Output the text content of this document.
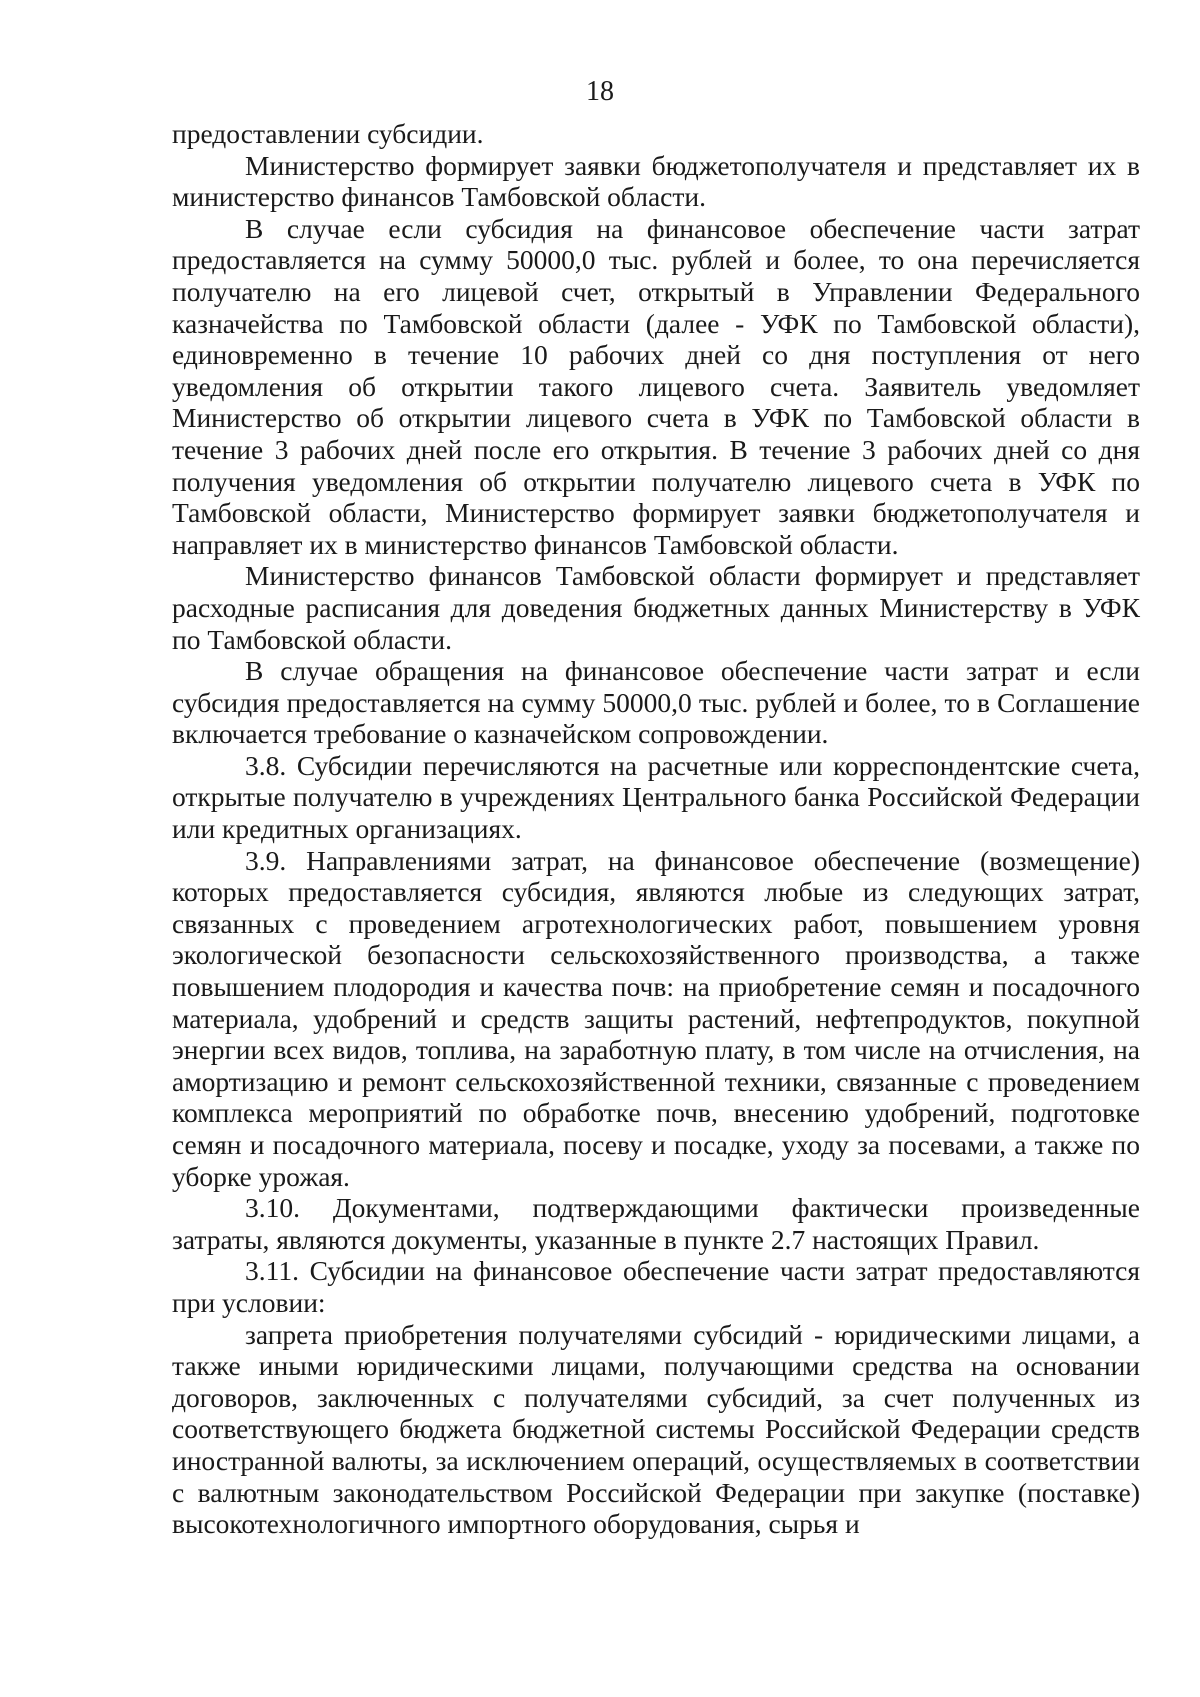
18

предоставлении субсидии.

Министерство формирует заявки бюджетополучателя и представляет их в министерство финансов Тамбовской области.

В случае если субсидия на финансовое обеспечение части затрат предоставляется на сумму 50000,0 тыс. рублей и более, то она перечисляется получателю на его лицевой счет, открытый в Управлении Федерального казначейства по Тамбовской области (далее - УФК по Тамбовской области), единовременно в течение 10 рабочих дней со дня поступления от него уведомления об открытии такого лицевого счета. Заявитель уведомляет Министерство об открытии лицевого счета в УФК по Тамбовской области в течение 3 рабочих дней после его открытия. В течение 3 рабочих дней со дня получения уведомления об открытии получателю лицевого счета в УФК по Тамбовской области, Министерство формирует заявки бюджетополучателя и направляет их в министерство финансов Тамбовской области.

Министерство финансов Тамбовской области формирует и представляет расходные расписания для доведения бюджетных данных Министерству в УФК по Тамбовской области.

В случае обращения на финансовое обеспечение части затрат и если субсидия предоставляется на сумму 50000,0 тыс. рублей и более, то в Соглашение включается требование о казначейском сопровождении.

3.8. Субсидии перечисляются на расчетные или корреспондентские счета, открытые получателю в учреждениях Центрального банка Российской Федерации или кредитных организациях.

3.9. Направлениями затрат, на финансовое обеспечение (возмещение) которых предоставляется субсидия, являются любые из следующих затрат, связанных с проведением агротехнологических работ, повышением уровня экологической безопасности сельскохозяйственного производства, а также повышением плодородия и качества почв: на приобретение семян и посадочного материала, удобрений и средств защиты растений, нефтепродуктов, покупной энергии всех видов, топлива, на заработную плату, в том числе на отчисления, на амортизацию и ремонт сельскохозяйственной техники, связанные с проведением комплекса мероприятий по обработке почв, внесению удобрений, подготовке семян и посадочного материала, посеву и посадке, уходу за посевами, а также по уборке урожая.

3.10. Документами, подтверждающими фактически произведенные затраты, являются документы, указанные в пункте 2.7 настоящих Правил.

3.11. Субсидии на финансовое обеспечение части затрат предоставляются при условии:

запрета приобретения получателями субсидий - юридическими лицами, а также иными юридическими лицами, получающими средства на основании договоров, заключенных с получателями субсидий, за счет полученных из соответствующего бюджета бюджетной системы Российской Федерации средств иностранной валюты, за исключением операций, осуществляемых в соответствии с валютным законодательством Российской Федерации при закупке (поставке) высокотехнологичного импортного оборудования, сырья и
